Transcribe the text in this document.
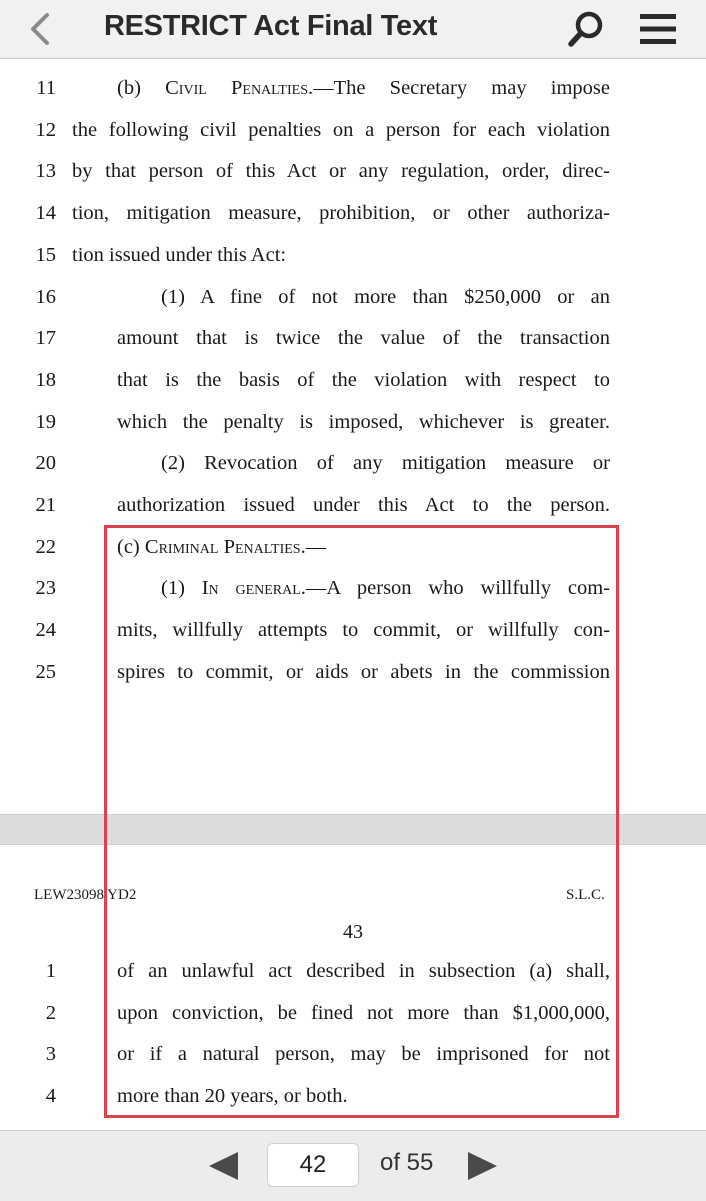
RESTRICT Act Final Text
11	(b) Civil Penalties.—The Secretary may impose
12 the following civil penalties on a person for each violation
13 by that person of this Act or any regulation, order, direc-
14 tion, mitigation measure, prohibition, or other authoriza-
15 tion issued under this Act:
16	(1) A fine of not more than $250,000 or an
17	amount that is twice the value of the transaction
18	that is the basis of the violation with respect to
19	which the penalty is imposed, whichever is greater.
20	(2) Revocation of any mitigation measure or
21	authorization issued under this Act to the person.
22	(c) Criminal Penalties.—
23	(1) In general.—A person who willfully com-
24	mits, willfully attempts to commit, or willfully con-
25	spires to commit, or aids or abets in the commission
LEW23098 YD2	S.L.C.
43
1	of an unlawful act described in subsection (a) shall,
2	upon conviction, be fined not more than $1,000,000,
3	or if a natural person, may be imprisoned for not
4	more than 20 years, or both.
42
of 55
